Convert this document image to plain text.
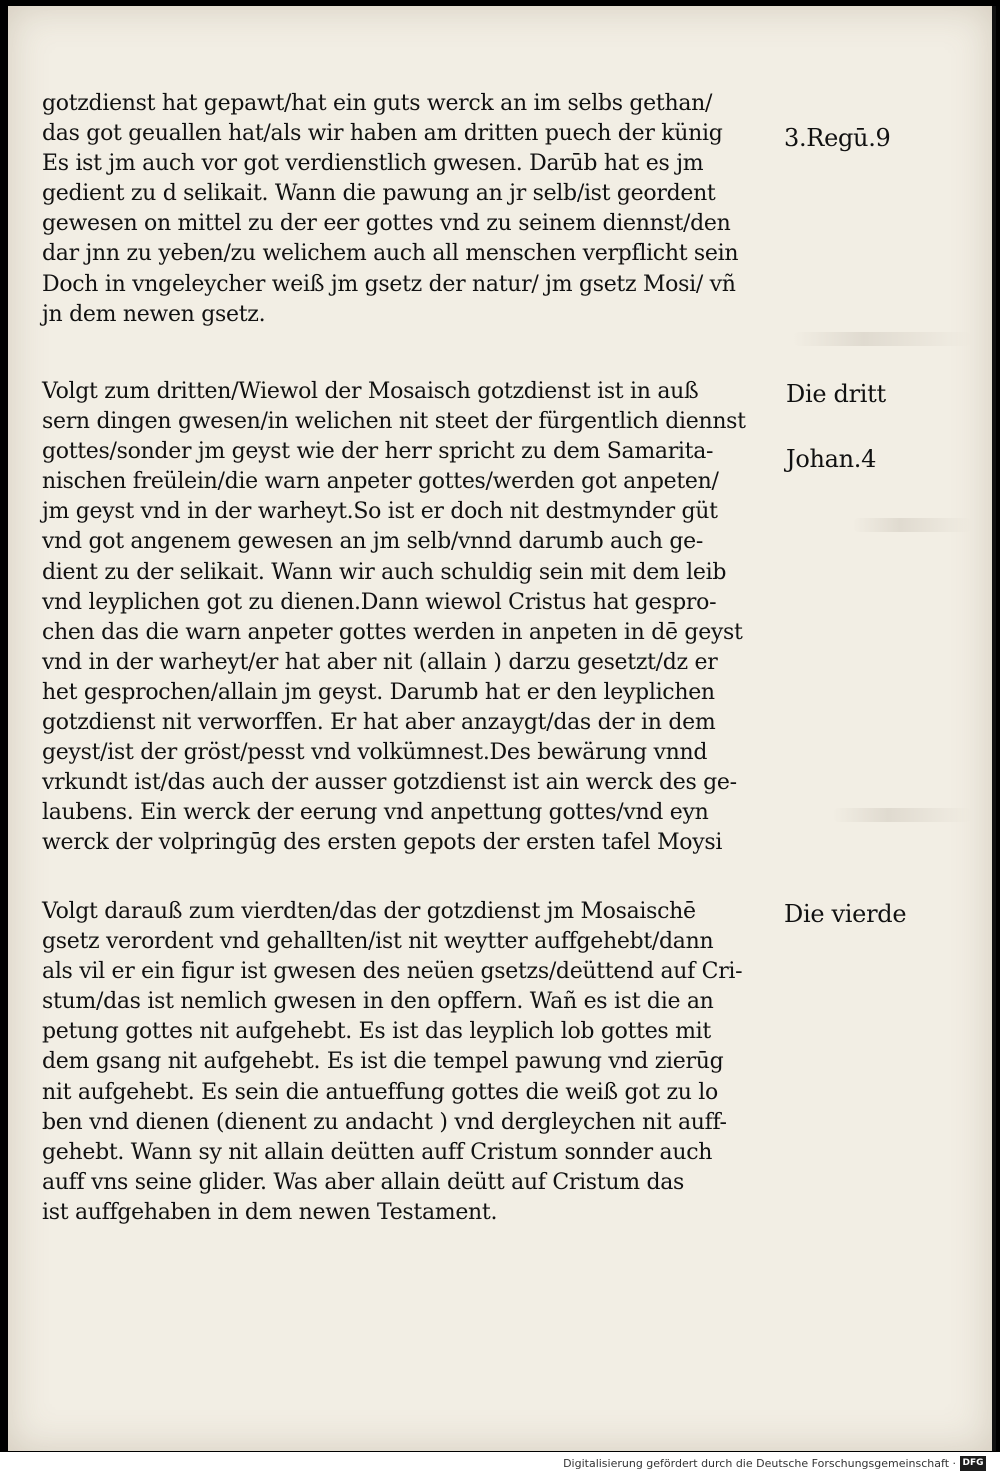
gotzdienst hat gepawt/hat ein guts werck an im selbs gethan/
das got geuallen hat/als wir haben am dritten puech der künig
Es ist jm auch vor got verdienstlich gwesen. Darūb hat es jm
gedient zu d selikait. Wann die pawung an jr selb/ist geordent
gewesen on mittel zu der eer gottes vnd zu seinem diennst/den
dar jnn zu yeben/zu welichem auch all menschen verpflicht sein
Doch in vngeleycher weiß jm gsetz der natur/ jm gsetz Mosi/ vñ
jn dem newen gsetz.
Volgt zum dritten/Wiewol der Mosaisch gotzdienst ist in auß
sern dingen gwesen/in welichen nit steet der fürgentlich diennst
gottes/sonder jm geyst wie der herr spricht zu dem Samarita-
nischen freülein/die warn anpeter gottes/werden got anpeten/
jm geyst vnd in der warheyt.So ist er doch nit destmynder güt
vnd got angenem gewesen an jm selb/vnnd darumb auch ge-
dient zu der selikait. Wann wir auch schuldig sein mit dem leib
vnd leyplichen got zu dienen.Dann wiewol Cristus hat gespro-
chen das die warn anpeter gottes werden in anpeten in dē geyst
vnd in der warheyt/er hat aber nit (allain ) darzu gesetzt/dz er
het gesprochen/allain jm geyst. Darumb hat er den leyplichen
gotzdienst nit verworffen. Er hat aber anzaygt/das der in dem
geyst/ist der gröst/pesst vnd volkümnest.Des bewärung vnnd
vrkundt ist/das auch der ausser gotzdienst ist ain werck des ge-
laubens. Ein werck der eerung vnd anpettung gottes/vnd eyn
werck der volpringūg des ersten gepots der ersten tafel Moysi
Volgt darauß zum vierdten/das der gotzdienst jm Mosaischē
gsetz verordent vnd gehallten/ist nit weytter auffgehebt/dann
als vil er ein figur ist gwesen des neüen gsetzs/deüttend auf Cri-
stum/das ist nemlich gwesen in den opffern. Wañ es ist die an
petung gottes nit aufgehebt. Es ist das leyplich lob gottes mit
dem gsang nit aufgehebt. Es ist die tempel pawung vnd zierūg
nit aufgehebt. Es sein die antueffung gottes die weiß got zu lo
ben vnd dienen (dienent zu andacht ) vnd dergleychen nit auff-
gehebt. Wann sy nit allain deütten auff Cristum sonnder auch
auff vns seine glider. Was aber allain deütt auf Cristum das
ist auffgehaben in dem newen Testament.
3.Regū.9
Die dritt
Johan.4
Die vierde
Digitalisierung gefördert durch die Deutsche Forschungsgemeinschaft · DFG
